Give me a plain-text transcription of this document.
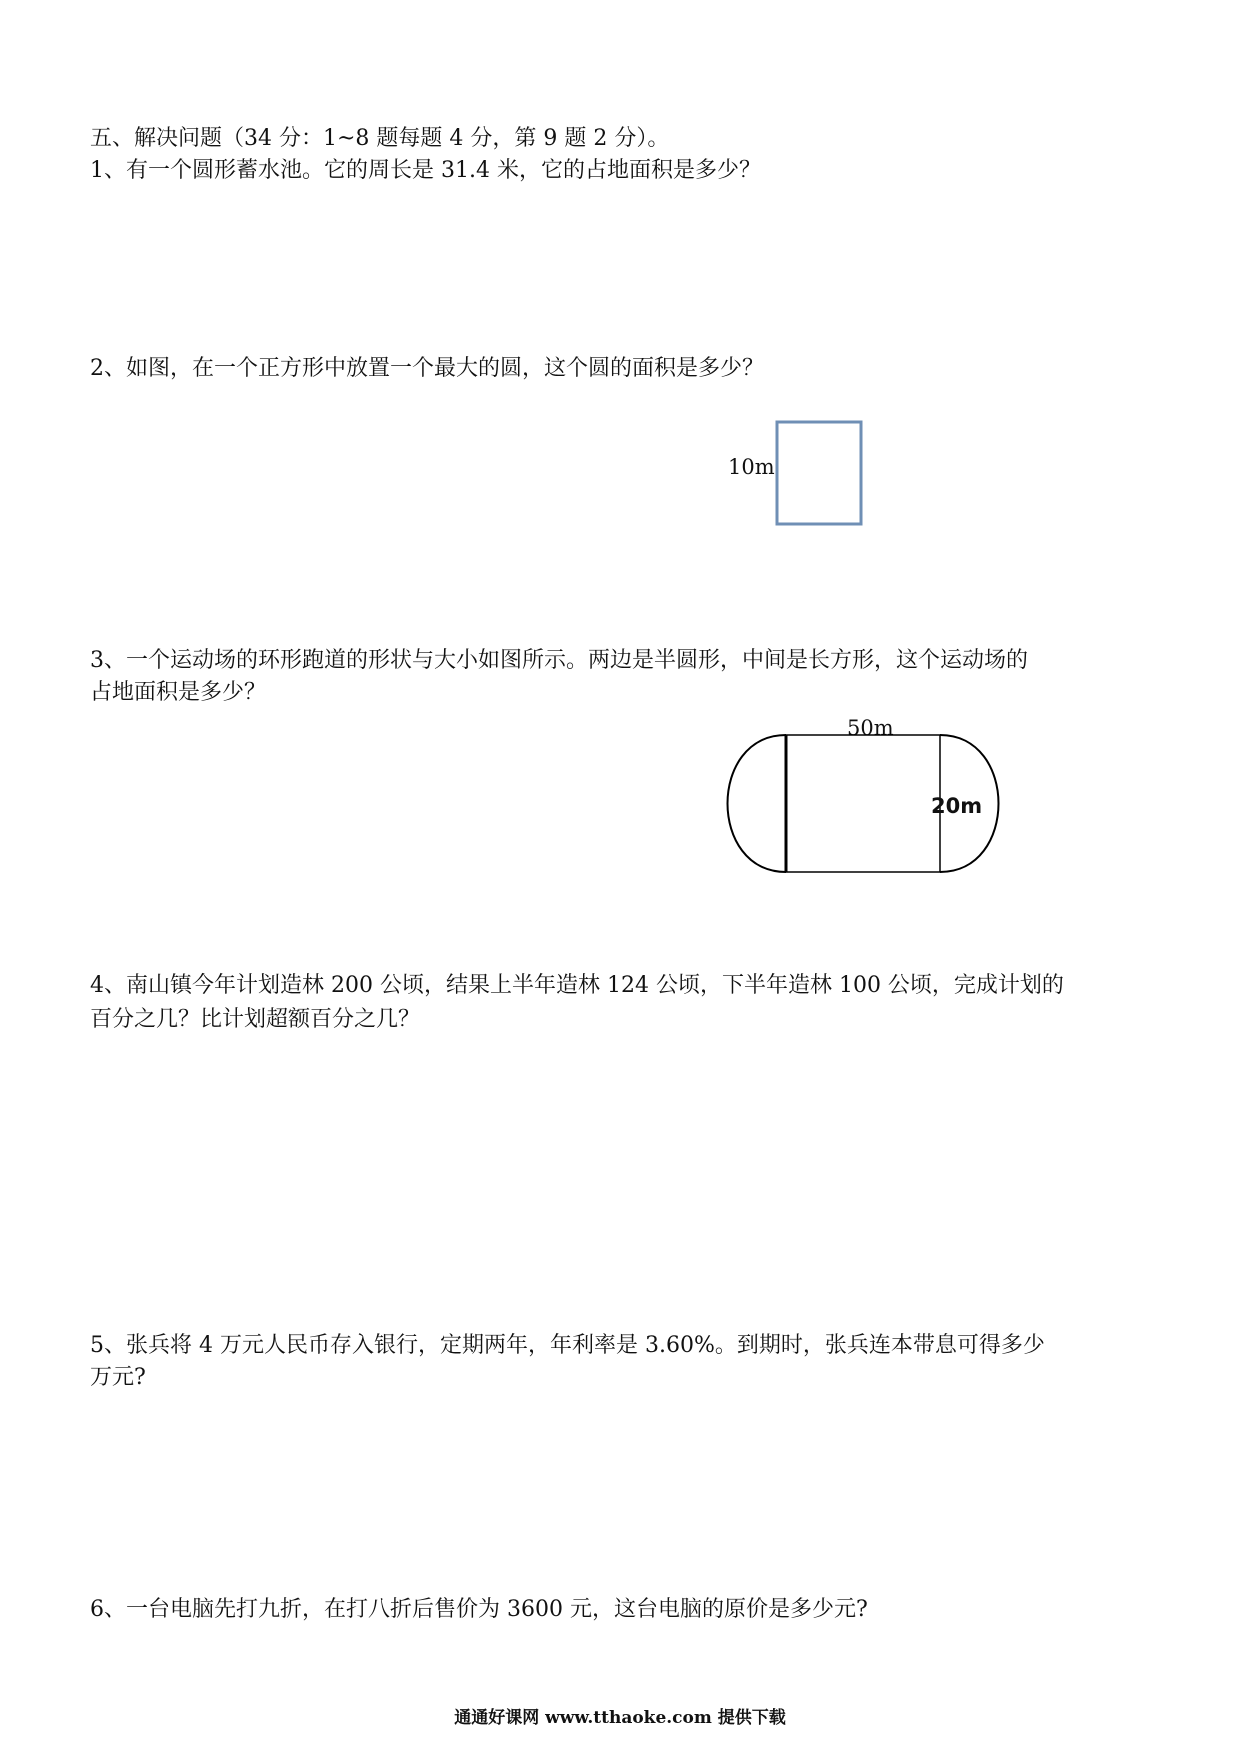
五、解决问题（34 分：1~8 题每题 4 分，第 9 题 2 分）。
1、有一个圆形蓄水池。它的周长是 31.4 米，它的占地面积是多少？
2、如图，在一个正方形中放置一个最大的圆，这个圆的面积是多少？
10m
3、一个运动场的环形跑道的形状与大小如图所示。两边是半圆形，中间是长方形，这个运动场的
占地面积是多少？
50m
20m
4、南山镇今年计划造林 200 公顷，结果上半年造林 124 公顷，下半年造林 100 公顷，完成计划的
百分之几？比计划超额百分之几？
5、张兵将 4 万元人民币存入银行，定期两年，年利率是 3.60%。到期时，张兵连本带息可得多少
万元?
6、一台电脑先打九折，在打八折后售价为 3600 元，这台电脑的原价是多少元?
通通好课网 www.tthaoke.com 提供下载
